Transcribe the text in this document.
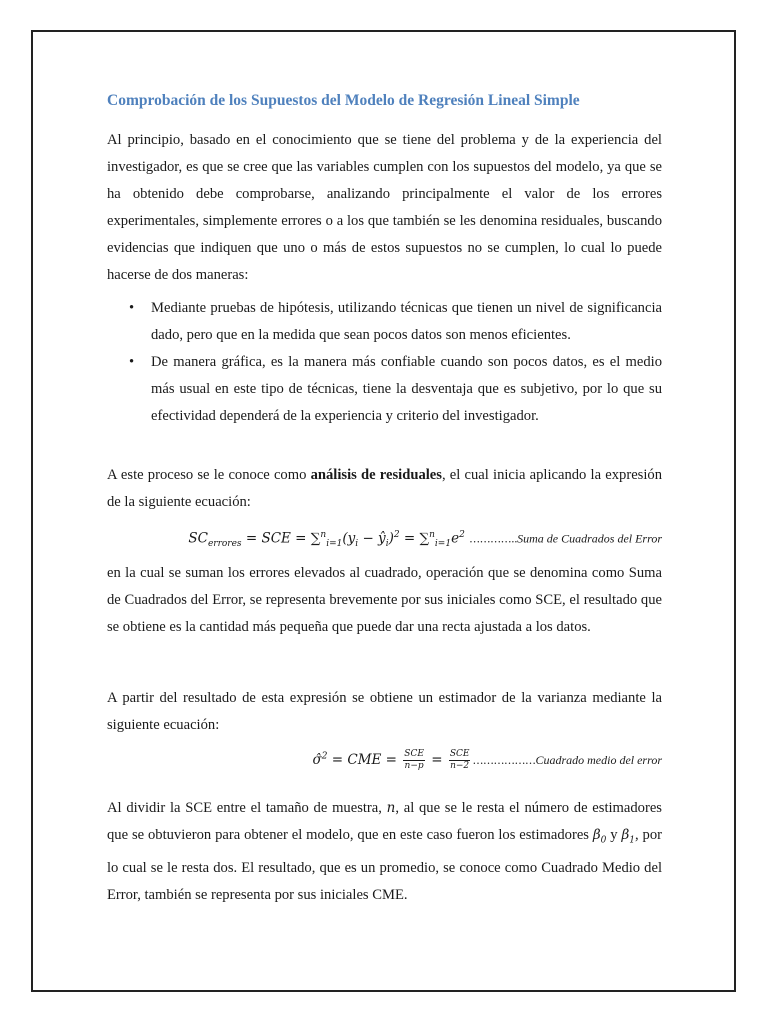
Comprobación de los Supuestos del Modelo de Regresión Lineal Simple

Al principio, basado en el conocimiento que se tiene del problema y de la experiencia del investigador, es que se cree que las variables cumplen con los supuestos del modelo, ya que se ha obtenido debe comprobarse, analizando principalmente el valor de los errores experimentales, simplemente errores o a los que también se les denomina residuales, buscando evidencias que indiquen que uno o más de estos supuestos no se cumplen, lo cual lo puede hacerse de dos maneras:

• Mediante pruebas de hipótesis, utilizando técnicas que tienen un nivel de significancia dado, pero que en la medida que sean pocos datos son menos eficientes.
• De manera gráfica, es la manera más confiable cuando son pocos datos, es el medio más usual en este tipo de técnicas, tiene la desventaja que es subjetivo, por lo que su efectividad dependerá de la experiencia y criterio del investigador.

A este proceso se le conoce como análisis de residuales, el cual inicia aplicando la expresión de la siguiente ecuación:

$SC_{errores}$ = SCE = $\sum^n_{i=1}(y_i$ − $ŷ_i)^2 = \sum^n_{i=1}e^2$ …………..Suma de Cuadrados del Error

en la cual se suman los errores elevados al cuadrado, operación que se denomina como Suma de Cuadrados del Error, se representa brevemente por sus iniciales como SCE, el resultado que se obtiene es la cantidad más pequeña que puede dar una recta ajustada a los datos.

A partir del resultado de esta expresión se obtiene un estimador de la varianza mediante la siguiente ecuación:

σ̂$^2$ = CME = $\frac{\text{SCE}}{n-p} = \frac{\text{SCE}}{n-2}$ ………………Cuadrado medio del error

Al dividir la SCE entre el tamaño de muestra, n, al que se le resta el número de estimadores que se obtuvieron para obtener el modelo, que en este caso fueron los estimadores $\beta_0$ y $\beta_1$, por lo cual se le resta dos. El resultado, que es un promedio, se conoce como Cuadrado Medio del Error, también se representa por sus iniciales CME.
